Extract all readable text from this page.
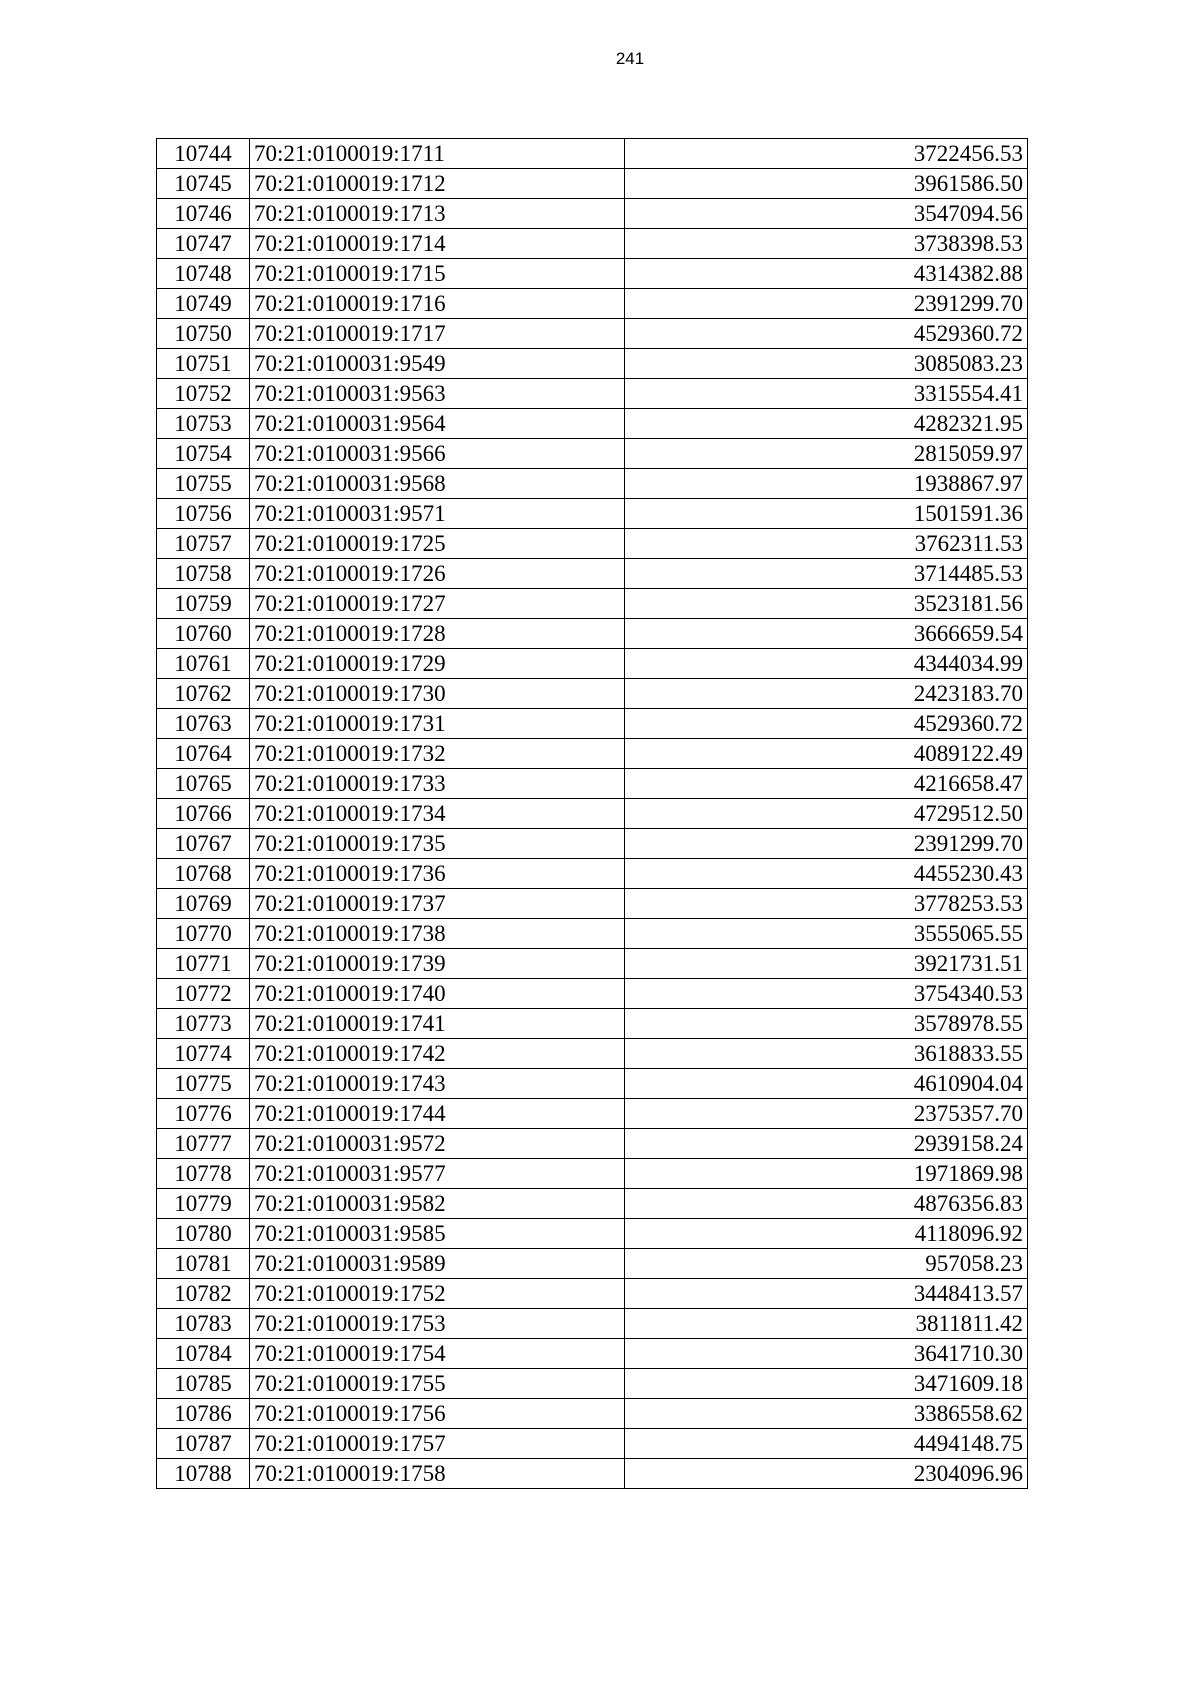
241
10744	70:21:0100019:1711	3722456.53
10745	70:21:0100019:1712	3961586.50
10746	70:21:0100019:1713	3547094.56
10747	70:21:0100019:1714	3738398.53
10748	70:21:0100019:1715	4314382.88
10749	70:21:0100019:1716	2391299.70
10750	70:21:0100019:1717	4529360.72
10751	70:21:0100031:9549	3085083.23
10752	70:21:0100031:9563	3315554.41
10753	70:21:0100031:9564	4282321.95
10754	70:21:0100031:9566	2815059.97
10755	70:21:0100031:9568	1938867.97
10756	70:21:0100031:9571	1501591.36
10757	70:21:0100019:1725	3762311.53
10758	70:21:0100019:1726	3714485.53
10759	70:21:0100019:1727	3523181.56
10760	70:21:0100019:1728	3666659.54
10761	70:21:0100019:1729	4344034.99
10762	70:21:0100019:1730	2423183.70
10763	70:21:0100019:1731	4529360.72
10764	70:21:0100019:1732	4089122.49
10765	70:21:0100019:1733	4216658.47
10766	70:21:0100019:1734	4729512.50
10767	70:21:0100019:1735	2391299.70
10768	70:21:0100019:1736	4455230.43
10769	70:21:0100019:1737	3778253.53
10770	70:21:0100019:1738	3555065.55
10771	70:21:0100019:1739	3921731.51
10772	70:21:0100019:1740	3754340.53
10773	70:21:0100019:1741	3578978.55
10774	70:21:0100019:1742	3618833.55
10775	70:21:0100019:1743	4610904.04
10776	70:21:0100019:1744	2375357.70
10777	70:21:0100031:9572	2939158.24
10778	70:21:0100031:9577	1971869.98
10779	70:21:0100031:9582	4876356.83
10780	70:21:0100031:9585	4118096.92
10781	70:21:0100031:9589	957058.23
10782	70:21:0100019:1752	3448413.57
10783	70:21:0100019:1753	3811811.42
10784	70:21:0100019:1754	3641710.30
10785	70:21:0100019:1755	3471609.18
10786	70:21:0100019:1756	3386558.62
10787	70:21:0100019:1757	4494148.75
10788	70:21:0100019:1758	2304096.96
